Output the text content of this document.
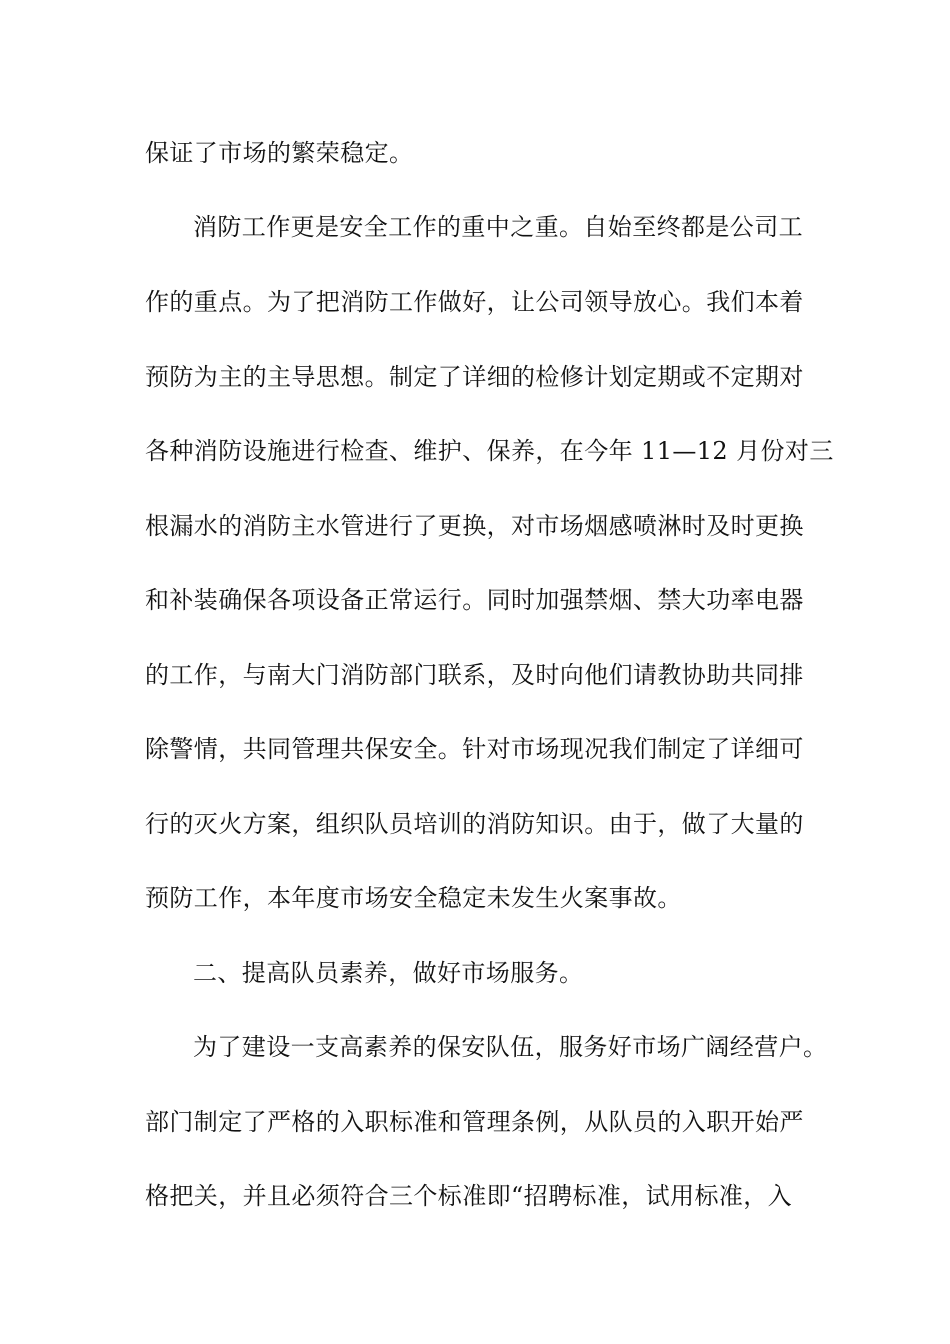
保证了市场的繁荣稳定。
消防工作更是安全工作的重中之重。自始至终都是公司工
作的重点。为了把消防工作做好，让公司领导放心。我们本着
预防为主的主导思想。制定了详细的检修计划定期或不定期对
各种消防设施进行检查、维护、保养，在今年 11—12 月份对三
根漏水的消防主水管进行了更换，对市场烟感喷淋时及时更换
和补装确保各项设备正常运行。同时加强禁烟、禁大功率电器
的工作，与南大门消防部门联系，及时向他们请教协助共同排
除警情，共同管理共保安全。针对市场现况我们制定了详细可
行的灭火方案，组织队员培训的消防知识。由于，做了大量的
预防工作，本年度市场安全稳定未发生火案事故。
二、提高队员素养，做好市场服务。
为了建设一支高素养的保安队伍，服务好市场广阔经营户。
部门制定了严格的入职标准和管理条例，从队员的入职开始严
格把关，并且必须符合三个标准即“招聘标准，试用标准，入
